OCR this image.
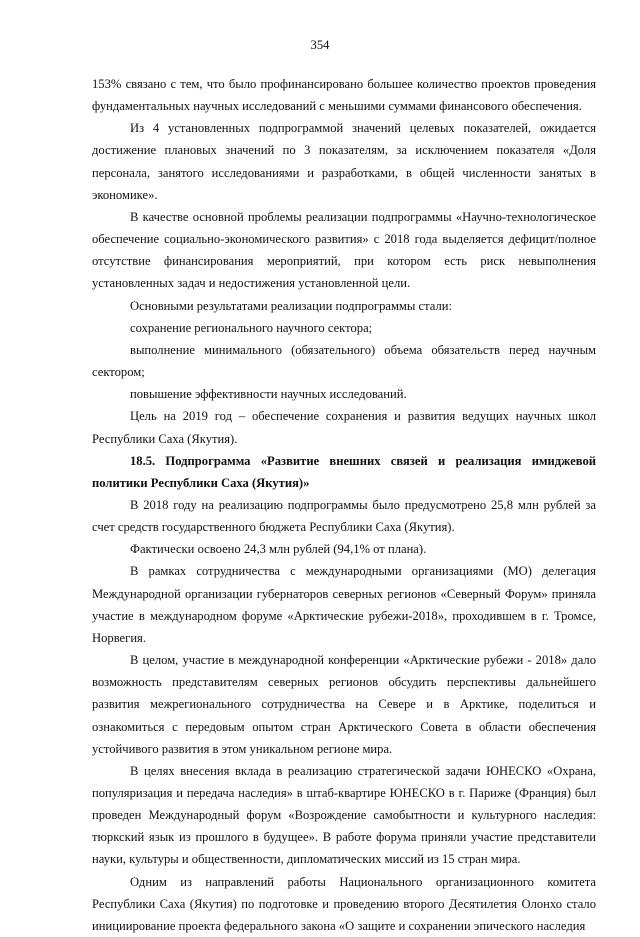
354

153% связано с тем, что было профинансировано большее количество проектов проведения фундаментальных научных исследований с меньшими суммами финансового обеспечения.

Из 4 установленных подпрограммой значений целевых показателей, ожидается достижение плановых значений по 3 показателям, за исключением показателя «Доля персонала, занятого исследованиями и разработками, в общей численности занятых в экономике».

В качестве основной проблемы реализации подпрограммы «Научно-технологическое обеспечение социально-экономического развития» с 2018 года выделяется дефицит/полное отсутствие финансирования мероприятий, при котором есть риск невыполнения установленных задач и недостижения установленной цели.

Основными результатами реализации подпрограммы стали:

сохранение регионального научного сектора;

выполнение минимального (обязательного) объема обязательств перед научным сектором;

повышение эффективности научных исследований.

Цель на 2019 год – обеспечение сохранения и развития ведущих научных школ Республики Саха (Якутия).

18.5. Подпрограмма «Развитие внешних связей и реализация имиджевой политики Республики Саха (Якутия)»

В 2018 году на реализацию подпрограммы было предусмотрено 25,8 млн рублей за счет средств государственного бюджета Республики Саха (Якутия).

Фактически освоено 24,3 млн рублей (94,1% от плана).

В рамках сотрудничества с международными организациями (МО) делегация Международной организации губернаторов северных регионов «Северный Форум» приняла участие в международном форуме «Арктические рубежи-2018», проходившем в г. Тромсе, Норвегия.

В целом, участие в международной конференции «Арктические рубежи - 2018» дало возможность представителям северных регионов обсудить перспективы дальнейшего развития межрегионального сотрудничества на Севере и в Арктике, поделиться и ознакомиться с передовым опытом стран Арктического Совета в области обеспечения устойчивого развития в этом уникальном регионе мира.

В целях внесения вклада в реализацию стратегической задачи ЮНЕСКО «Охрана, популяризация и передача наследия» в штаб-квартире ЮНЕСКО в г. Париже (Франция) был проведен Международный форум «Возрождение самобытности и культурного наследия: тюркский язык из прошлого в будущее». В работе форума приняли участие представители науки, культуры и общественности, дипломатических миссий из 15 стран мира.

Одним из направлений работы Национального организационного комитета Республики Саха (Якутия) по подготовке и проведению второго Десятилетия Олонхо стало инициирование проекта федерального закона «О защите и сохранении эпического наследия
